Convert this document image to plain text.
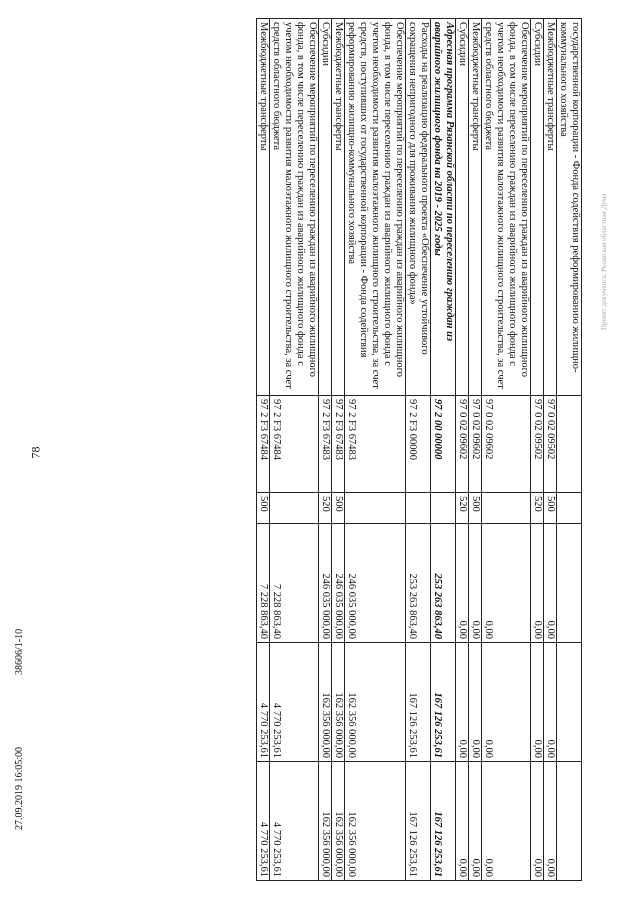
78
27.09.2019 16:05:00
38606/1-10
Проект документа, Рязанская областная Дума
государственной корпорации - Фонда содействия реформированию жилищно-коммунального хозяйства					
Межбюджетные трансферты	97 0 02 09502	500	0,00	0,00	0,00
Субсидии	97 0 02 09502	520	0,00	0,00	0,00
Обеспечение мероприятий по переселению граждан из аварийного жилищного фонда, в том числе переселению граждан из аварийного жилищного фонда с учетом необходимости развития малоэтажного жилищного строительства, за счет средств областного бюджета	97 0 02 09602		0,00	0,00	0,00
Межбюджетные трансферты	97 0 02 09602	500	0,00	0,00	0,00
Субсидии	97 0 02 09602	520	0,00	0,00	0,00
Адресная программа Рязанской области по переселению граждан из аварийного жилищного фонда на 2019 - 2025 годы	97 2 00 00000		253 263 863,40	167 126 253,61	167 126 253,61
Расходы на реализацию федерального проекта «Обеспечение устойчивого сокращения непригодного для проживания жилищного фонда»	97 2 F3 00000		253 263 863,40	167 126 253,61	167 126 253,61
Обеспечение мероприятий по переселению граждан из аварийного жилищного фонда, в том числе переселению граждан из аварийного жилищного фонда с учетом необходимости развития малоэтажного жилищного строительства, за счет средств, поступивших от государственной корпорации - Фонда содействия реформированию жилищно-коммунального хозяйства	97 2 F3 67483		246 035 000,00	162 356 000,00	162 356 000,00
Межбюджетные трансферты	97 2 F3 67483	500	246 035 000,00	162 356 000,00	162 356 000,00
Субсидии	97 2 F3 67483	520	246 035 000,00	162 356 000,00	162 356 000,00
Обеспечение мероприятий по переселению граждан из аварийного жилищного фонда, в том числе переселению граждан из аварийного жилищного фонда с учетом необходимости развития малоэтажного жилищного строительства, за счет средств областного бюджета	97 2 F3 67484		7 228 863,40	4 770 253,61	4 770 253,61
Межбюджетные трансферты	97 2 F3 67484	500	7 228 863,40	4 770 253,61	4 770 253,61
